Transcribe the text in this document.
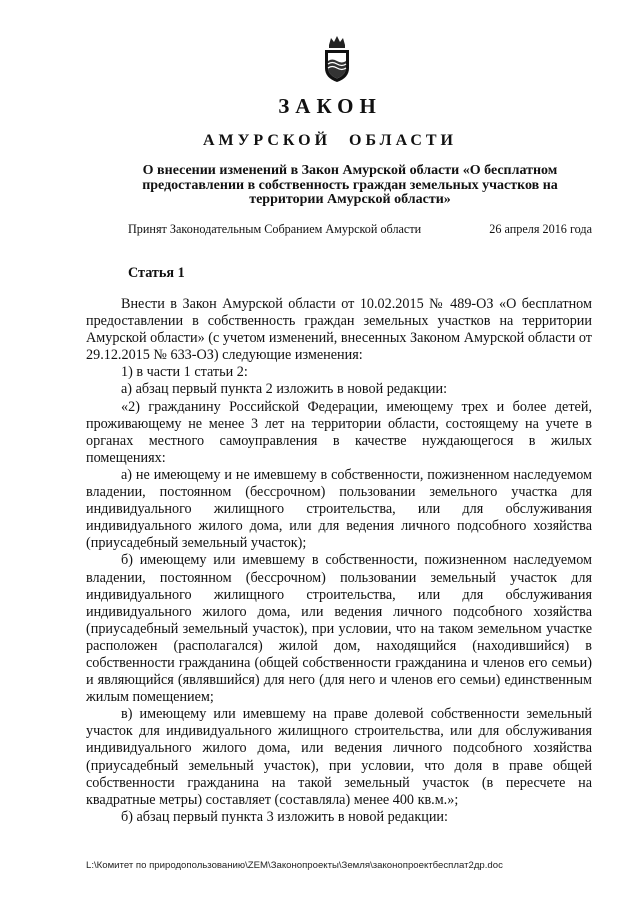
ЗАКОН
АМУРСКОЙ ОБЛАСТИ
О внесении изменений в Закон Амурской области «О бесплатном предоставлении в собственность граждан земельных участков на территории Амурской области»
Принят Законодательным Собранием Амурской области	26 апреля 2016 года
Статья 1

Внести в Закон Амурской области от 10.02.2015 № 489-ОЗ «О бесплатном предоставлении в собственность граждан земельных участков на территории Амурской области» (с учетом изменений, внесенных Законом Амурской области от 29.12.2015 № 633-ОЗ) следующие изменения:

1) в части 1 статьи 2:

а) абзац первый пункта 2 изложить в новой редакции:

«2) гражданину Российской Федерации, имеющему трех и более детей, проживающему не менее 3 лет на территории области, состоящему на учете в органах местного самоуправления в качестве нуждающегося в жилых помещениях:

а) не имеющему и не имевшему в собственности, пожизненном наследуемом владении, постоянном (бессрочном) пользовании земельного участка для индивидуального жилищного строительства, или для обслуживания индивидуального жилого дома, или для ведения личного подсобного хозяйства (приусадебный земельный участок);

б) имеющему или имевшему в собственности, пожизненном наследуемом владении, постоянном (бессрочном) пользовании земельный участок для индивидуального жилищного строительства, или для обслуживания индивидуального жилого дома, или ведения личного подсобного хозяйства (приусадебный земельный участок), при условии, что на таком земельном участке расположен (располагался) жилой дом, находящийся (находившийся) в собственности гражданина (общей собственности гражданина и членов его семьи) и являющийся (являвшийся) для него (для него и членов его семьи) единственным жилым помещением;

в) имеющему или имевшему на праве долевой собственности земельный участок для индивидуального жилищного строительства, или для обслуживания индивидуального жилого дома, или ведения личного подсобного хозяйства (приусадебный земельный участок), при условии, что доля в праве общей собственности гражданина на такой земельный участок (в пересчете на квадратные метры) составляет (составляла) менее 400 кв.м.»;

б) абзац первый пункта 3 изложить в новой редакции:

L:\Комитет по природопользованию\ZEM\Законопроекты\Земля\законопроектбесплат2др.doc
